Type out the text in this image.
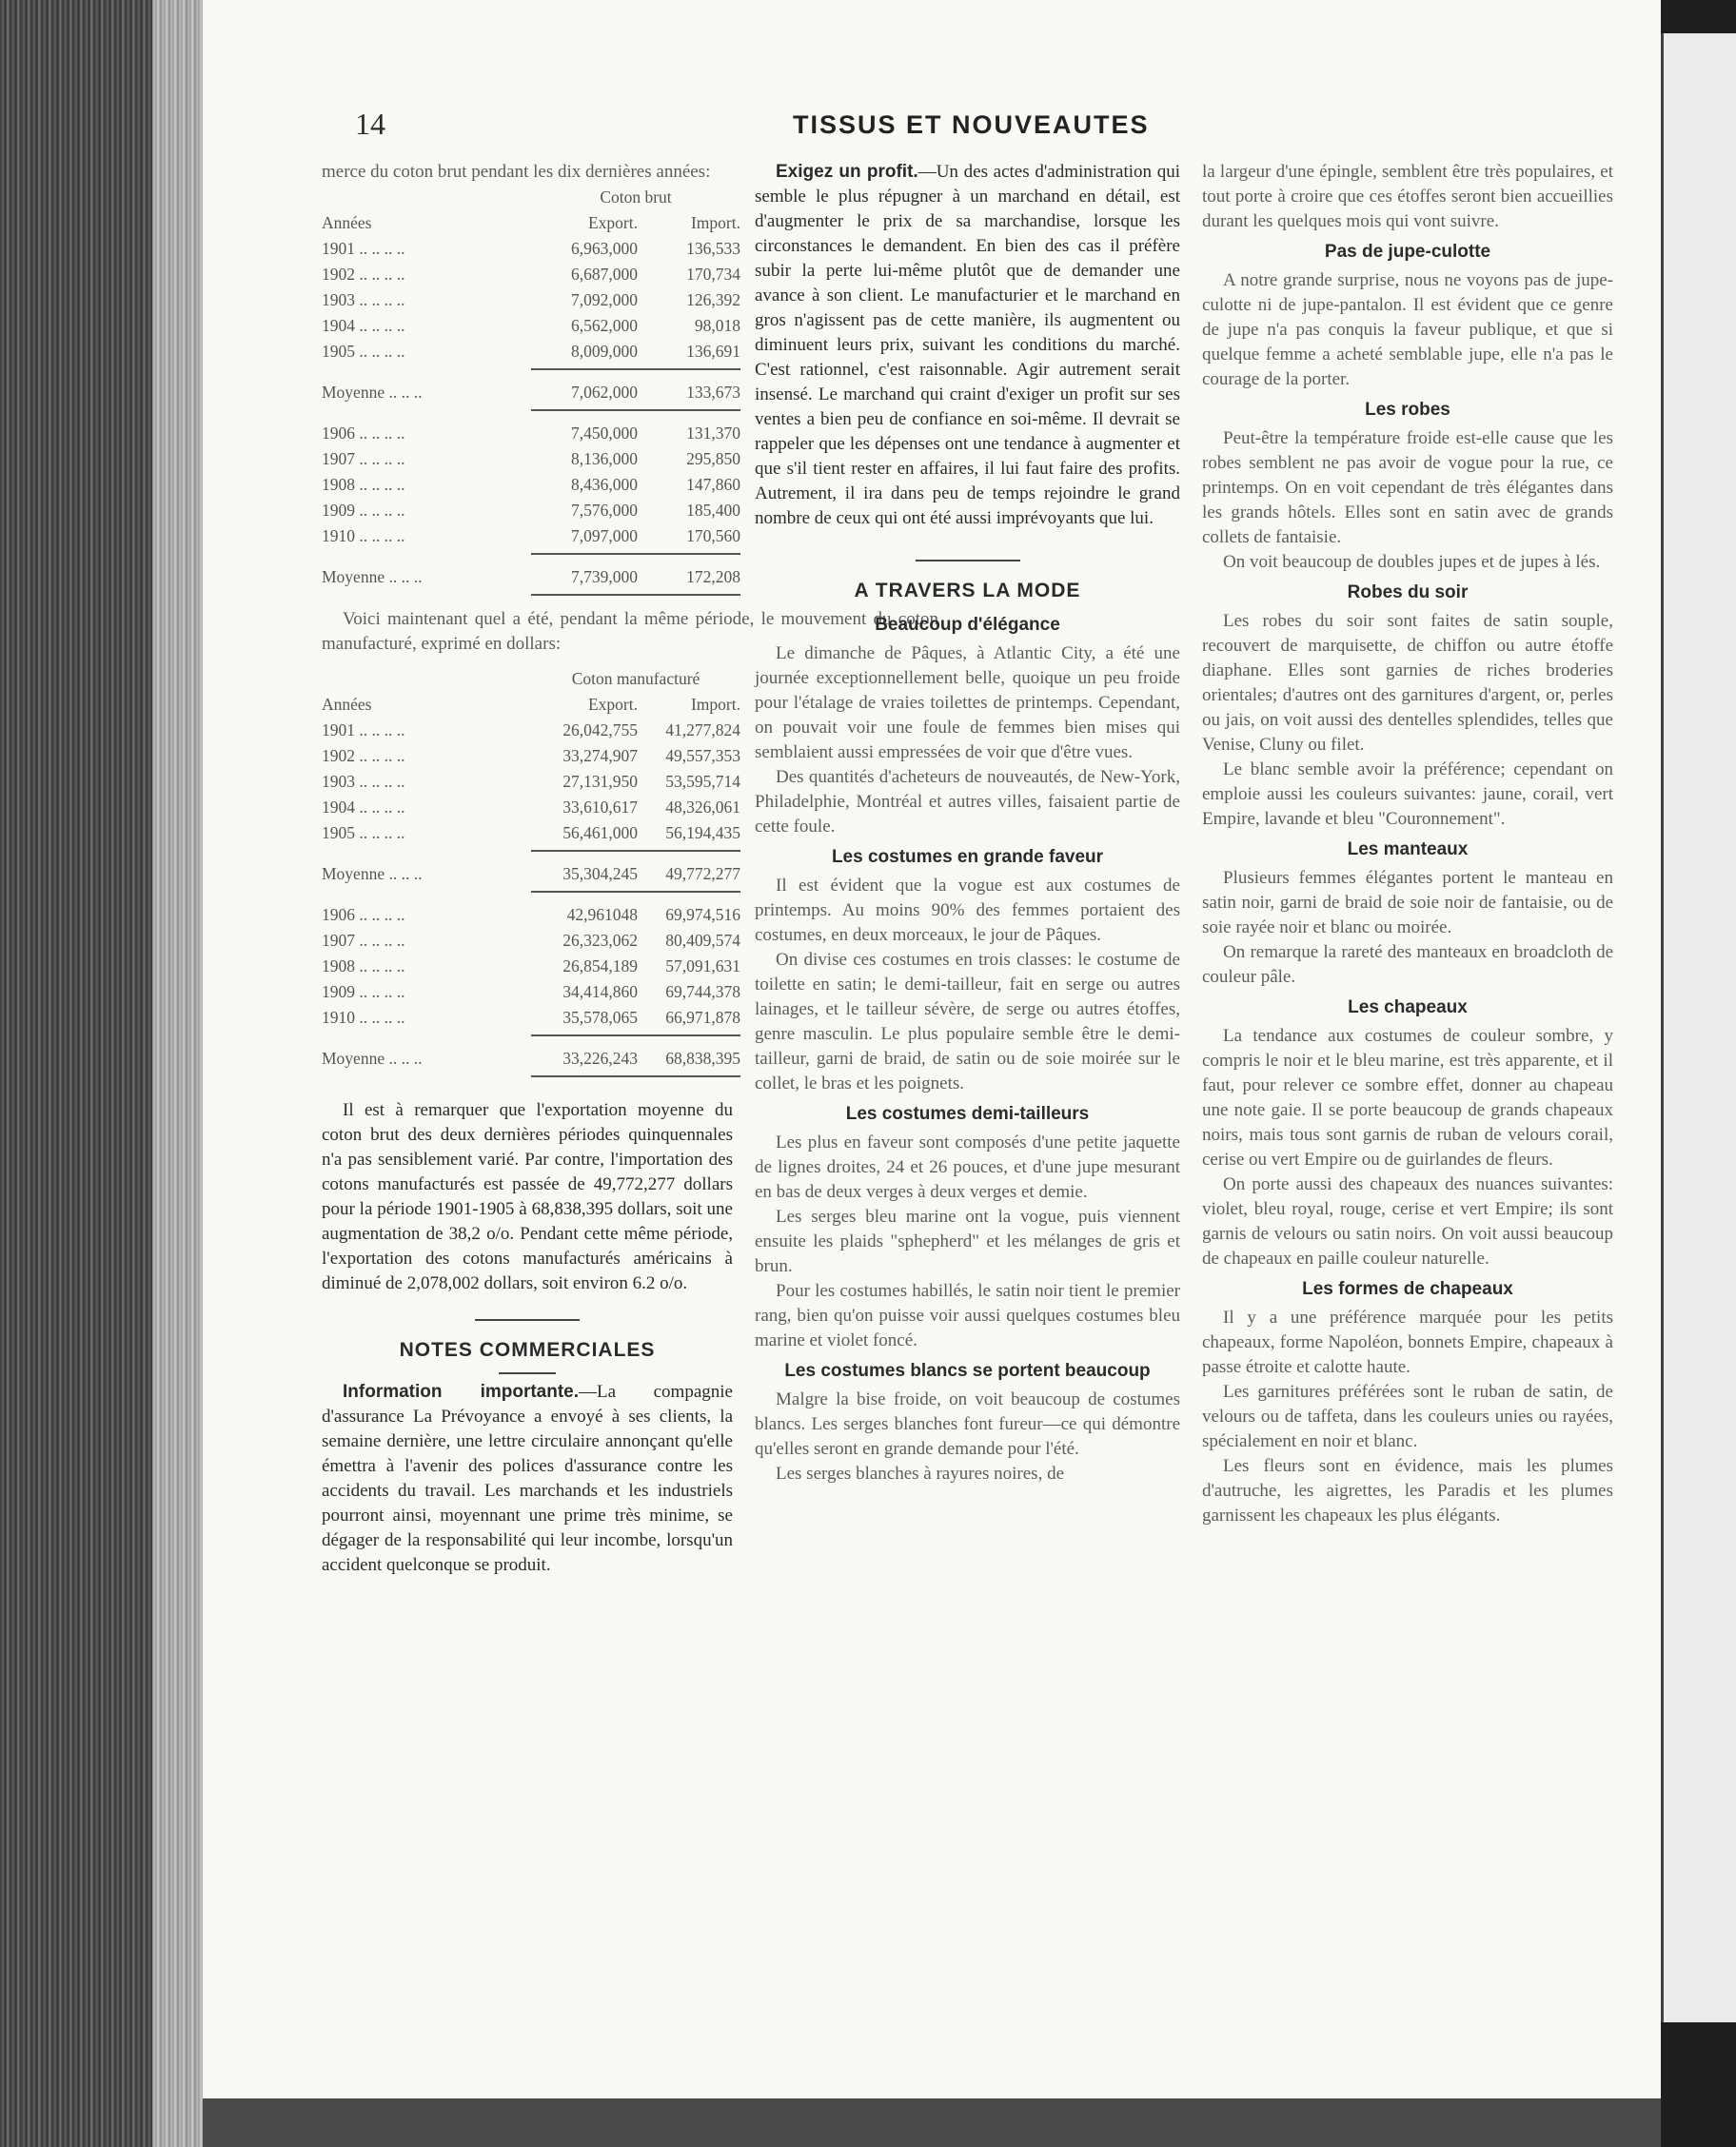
14	TISSUS ET NOUVEAUTES

merce du coton brut pendant les dix dernières années:

Coton brut
Années	Export.	Import.
1901 .. .. .. ..	6,963,000	136,533
1902 .. .. .. ..	6,687,000	170,734
1903 .. .. .. ..	7,092,000	126,392
1904 .. .. .. ..	6,562,000	98,018
1905 .. .. .. ..	8,009,000	136,691
Moyenne .. .. ..	7,062,000	133,673
1906 .. .. .. ..	7,450,000	131,370
1907 .. .. .. ..	8,136,000	295,850
1908 .. .. .. ..	8,436,000	147,860
1909 .. .. .. ..	7,576,000	185,400
1910 .. .. .. ..	7,097,000	170,560
Moyenne .. .. ..	7,739,000	172,208

Voici maintenant quel a été, pendant la même période, le mouvement du coton manufacturé, exprimé en dollars:

Coton manufacturé
Années	Export.	Import.
1901 .. .. .. ..	26,042,755	41,277,824
1902 .. .. .. ..	33,274,907	49,557,353
1903 .. .. .. ..	27,131,950	53,595,714
1904 .. .. .. ..	33,610,617	48,326,061
1905 .. .. .. ..	56,461,000	56,194,435
Moyenne .. .. ..	35,304,245	49,772,277
1906 .. .. .. ..	42,961048	69,974,516
1907 .. .. .. ..	26,323,062	80,409,574
1908 .. .. .. ..	26,854,189	57,091,631
1909 .. .. .. ..	34,414,860	69,744,378
1910 .. .. .. ..	35,578,065	66,971,878
Moyenne .. .. ..	33,226,243	68,838,395

Il est à remarquer que l'exportation moyenne du coton brut des deux dernières périodes quinquennales n'a pas sensiblement varié. Par contre, l'importation des cotons manufacturés est passée de 49,772,277 dollars pour la période 1901-1905 à 68,838,395 dollars, soit une augmentation de 38,2 o/o. Pendant cette même période, l'exportation des cotons manufacturés américains à diminué de 2,078,002 dollars, soit environ 6.2 o/o.

NOTES COMMERCIALES

Information importante.—La compagnie d'assurance La Prévoyance a envoyé à ses clients, la semaine dernière, une lettre circulaire annonçant qu'elle émettra à l'avenir des polices d'assurance contre les accidents du travail. Les marchands et les industriels pourront ainsi, moyennant une prime très minime, se dégager de la responsabilité qui leur incombe, lorsqu'un accident quelconque se produit.

Exigez un profit.—Un des actes d'administration qui semble le plus répugner à un marchand en détail, est d'augmenter le prix de sa marchandise, lorsque les circonstances le demandent. En bien des cas il préfère subir la perte lui-même plutôt que de demander une avance à son client. Le manufacturier et le marchand en gros n'agissent pas de cette manière, ils augmentent ou diminuent leurs prix, suivant les conditions du marché. C'est rationnel, c'est raisonnable. Agir autrement serait insensé. Le marchand qui craint d'exiger un profit sur ses ventes a bien peu de confiance en soi-même. Il devrait se rappeler que les dépenses ont une tendance à augmenter et que s'il tient rester en affaires, il lui faut faire des profits. Autrement, il ira dans peu de temps rejoindre le grand nombre de ceux qui ont été aussi imprévoyants que lui.

A TRAVERS LA MODE
Beaucoup d'élégance

Le dimanche de Pâques, à Atlantic City, a été une journée exceptionnellement belle, quoique un peu froide pour l'étalage de vraies toilettes de printemps. Cependant, on pouvait voir une foule de femmes bien mises qui semblaient aussi empressées de voir que d'être vues.

Des quantités d'acheteurs de nouveautés, de New-York, Philadelphie, Montréal et autres villes, faisaient partie de cette foule.

Les costumes en grande faveur

Il est évident que la vogue est aux costumes de printemps. Au moins 90% des femmes portaient des costumes, en deux morceaux, le jour de Pâques.

On divise ces costumes en trois classes: le costume de toilette en satin; le demi-tailleur, fait en serge ou autres lainages, et le tailleur sévère, de serge ou autres étoffes, genre masculin. Le plus populaire semble être le demi-tailleur, garni de braid, de satin ou de soie moirée sur le collet, le bras et les poignets.

Les costumes demi-tailleurs

Les plus en faveur sont composés d'une petite jaquette de lignes droites, 24 et 26 pouces, et d'une jupe mesurant en bas de deux verges à deux verges et demie.

Les serges bleu marine ont la vogue, puis viennent ensuite les plaids "sphepherd" et les mélanges de gris et brun.

Pour les costumes habillés, le satin noir tient le premier rang, bien qu'on puisse voir aussi quelques costumes bleu marine et violet foncé.

Les costumes blancs se portent beaucoup

Malgre la bise froide, on voit beaucoup de costumes blancs. Les serges blanches font fureur—ce qui démontre qu'elles seront en grande demande pour l'été.

Les serges blanches à rayures noires, de

la largeur d'une épingle, semblent être très populaires, et tout porte à croire que ces étoffes seront bien accueillies durant les quelques mois qui vont suivre.

Pas de jupe-culotte

A notre grande surprise, nous ne voyons pas de jupe-culotte ni de jupe-pantalon. Il est évident que ce genre de jupe n'a pas conquis la faveur publique, et que si quelque femme a acheté semblable jupe, elle n'a pas le courage de la porter.

Les robes

Peut-être la température froide est-elle cause que les robes semblent ne pas avoir de vogue pour la rue, ce printemps. On en voit cependant de très élégantes dans les grands hôtels. Elles sont en satin avec de grands collets de fantaisie.

On voit beaucoup de doubles jupes et de jupes à lés.

Robes du soir

Les robes du soir sont faites de satin souple, recouvert de marquisette, de chiffon ou autre étoffe diaphane. Elles sont garnies de riches broderies orientales; d'autres ont des garnitures d'argent, or, perles ou jais, on voit aussi des dentelles splendides, telles que Venise, Cluny ou filet.

Le blanc semble avoir la préférence; cependant on emploie aussi les couleurs suivantes: jaune, corail, vert Empire, lavande et bleu "Couronnement".

Les manteaux

Plusieurs femmes élégantes portent le manteau en satin noir, garni de braid de soie noir de fantaisie, ou de soie rayée noir et blanc ou moirée.

On remarque la rareté des manteaux en broadcloth de couleur pâle.

Les chapeaux

La tendance aux costumes de couleur sombre, y compris le noir et le bleu marine, est très apparente, et il faut, pour relever ce sombre effet, donner au chapeau une note gaie. Il se porte beaucoup de grands chapeaux noirs, mais tous sont garnis de ruban de velours corail, cerise ou vert Empire ou de guirlandes de fleurs.

On porte aussi des chapeaux des nuances suivantes: violet, bleu royal, rouge, cerise et vert Empire; ils sont garnis de velours ou satin noirs. On voit aussi beaucoup de chapeaux en paille couleur naturelle.

Les formes de chapeaux

Il y a une préférence marquée pour les petits chapeaux, forme Napoléon, bonnets Empire, chapeaux à passe étroite et calotte haute.

Les garnitures préférées sont le ruban de satin, de velours ou de taffeta, dans les couleurs unies ou rayées, spécialement en noir et blanc.

Les fleurs sont en évidence, mais les plumes d'autruche, les aigrettes, les Paradis et les plumes garnissent les chapeaux les plus élégants.
